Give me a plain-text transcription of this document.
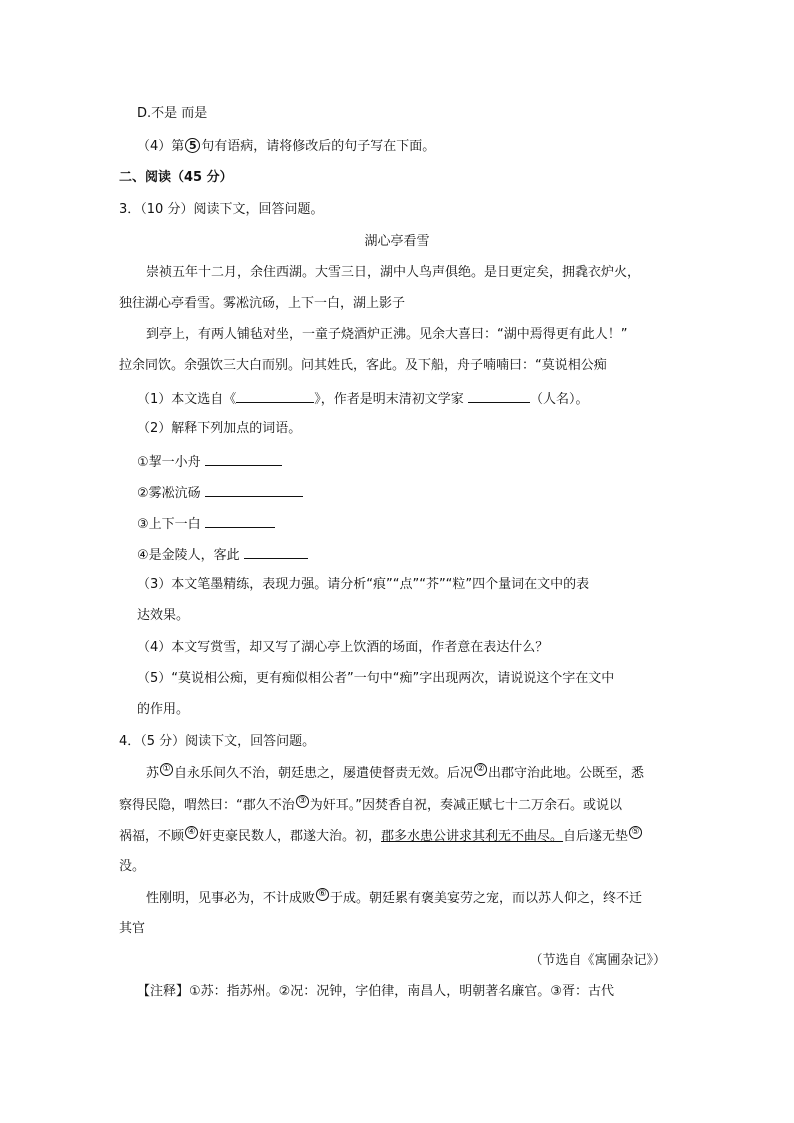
D.不是 而是
（4）第 5 句有语病，请将修改后的句子写在下面。
二、阅读（45 分）
3．（10 分）阅读下文，回答问题。
湖心亭看雪
崇祯五年十二月，余住西湖。大雪三日，湖中人鸟声俱绝。是日更定矣，拥毳衣炉火，
独往湖心亭看雪。雾凇沆砀，上下一白，湖上影子
到亭上，有两人铺毡对坐，一童子烧酒炉正沸。见余大喜曰：“湖中焉得更有此人！”
拉余同饮。余强饮三大白而别。问其姓氏，客此。及下船，舟子喃喃曰：“莫说相公痴
（1）本文选自《	》，作者是明末清初文学家	（人名）。
（2）解释下列加点的词语。
①挈一小舟
②雾凇沆砀
③上下一白
④是金陵人，客此
（3）本文笔墨精练，表现力强。请分析“痕”“点”“芥”“粒”四个量词在文中的表
达效果。
（4）本文写赏雪，却又写了湖心亭上饮酒的场面，作者意在表达什么？
（5）“莫说相公痴，更有痴似相公者”一句中“痴”字出现两次，请说说这个字在文中
的作用。
4．（5 分）阅读下文，回答问题。
苏 ① 自永乐间久不治，朝廷患之，屡遣使督责无效。后况 ② 出郡守治此地。公既至，悉
察得民隐，喟然曰：“郡久不治 ③ 为奸耳。”因焚香自祝，奏减正赋七十二万余石。或说以
祸福，不顾 ④ 奸吏豪民数人，郡遂大治。初，郡多水患公讲求其利无不曲尽。自后遂无垫 ⑤
没。
性刚明，见事必为，不计成败 ⑥ 于成。朝廷累有褒美宴劳之宠，而以苏人仰之，终不迁
其官
（节选自《寓圃杂记》）
【注释】①苏：指苏州。②况：况钟，字伯律，南昌人，明朝著名廉官。③胥：古代
